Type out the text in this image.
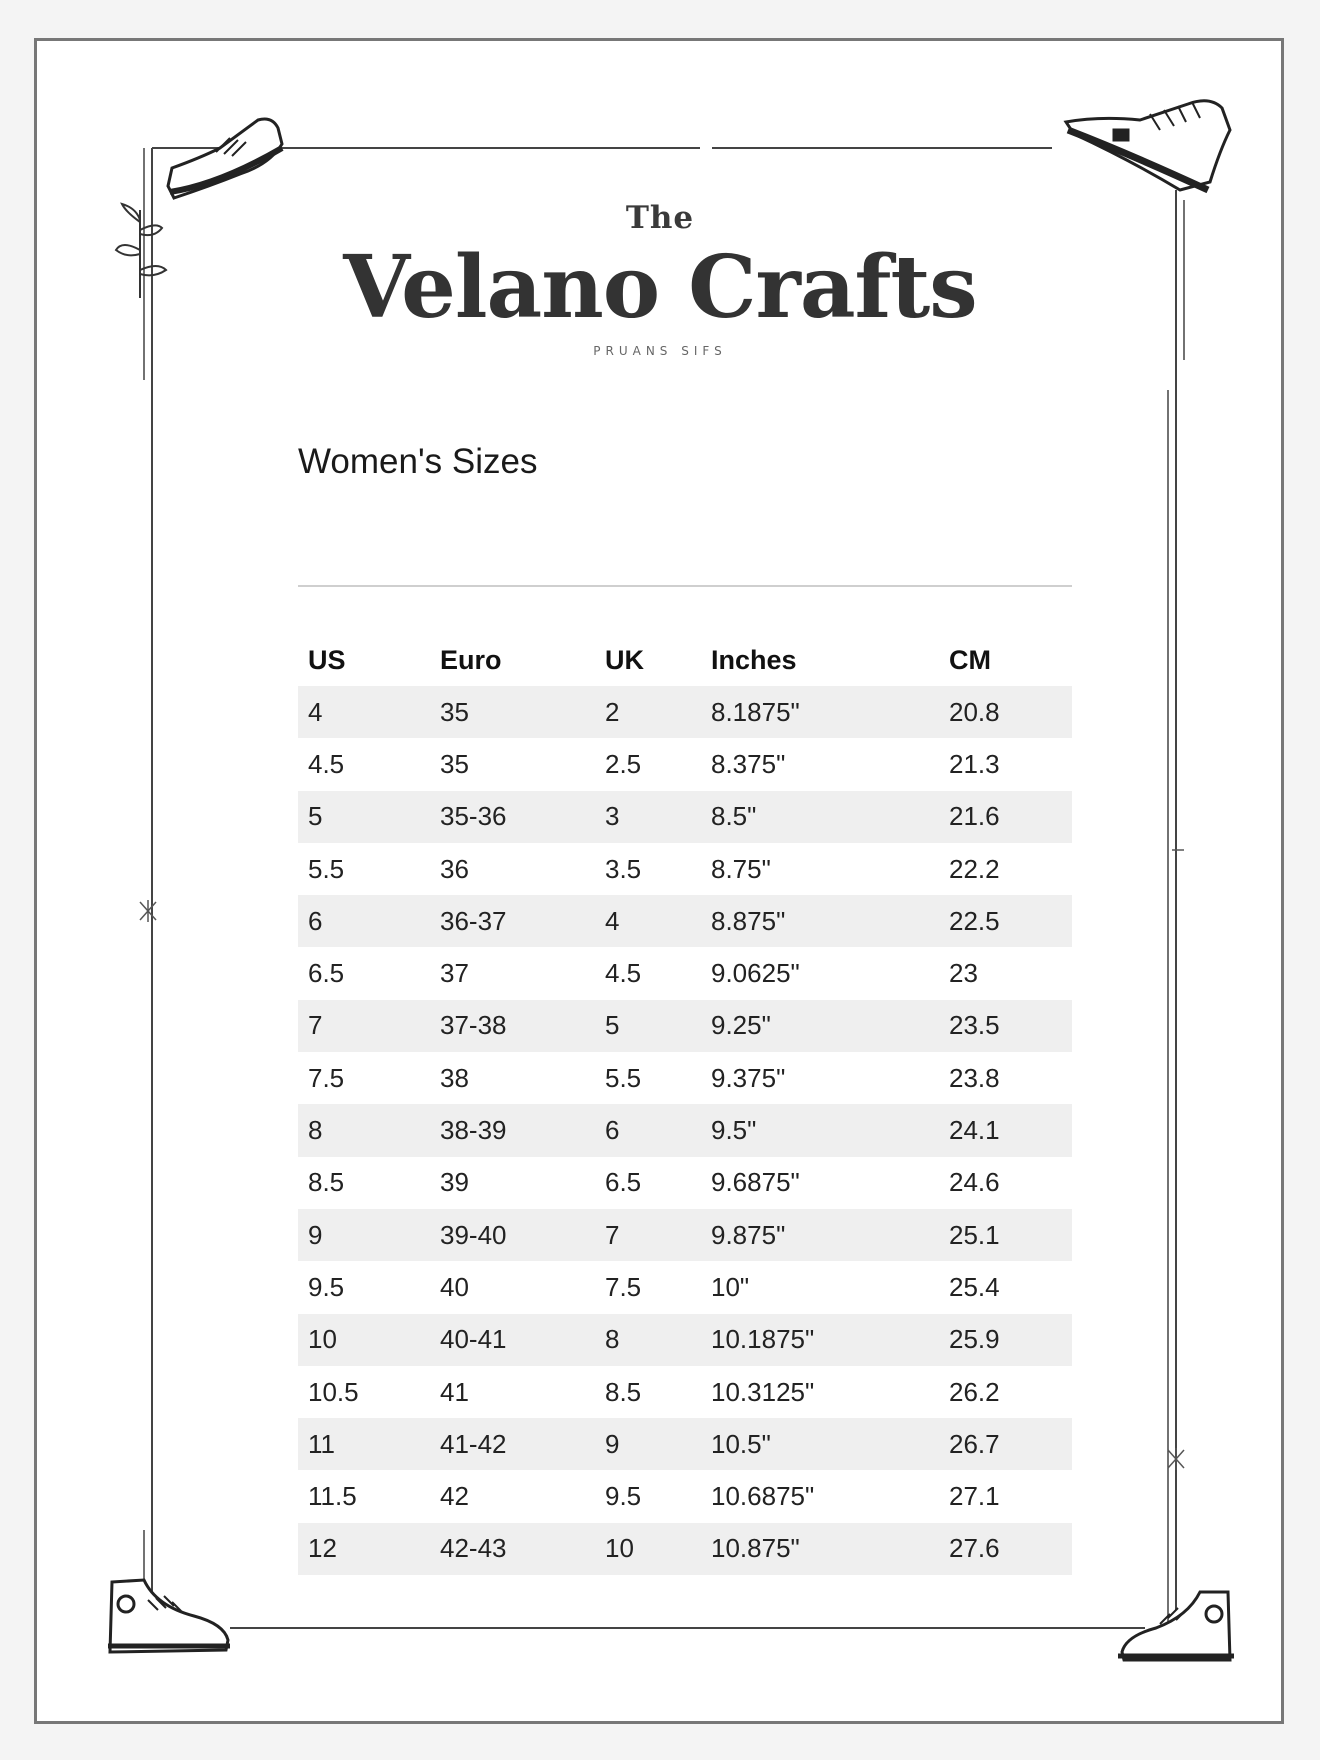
The
Velano Crafts
PRUANS SIFS
Women's Sizes
US	Euro	UK	Inches	CM
4	35	2	8.1875"	20.8
4.5	35	2.5	8.375"	21.3
5	35-36	3	8.5"	21.6
5.5	36	3.5	8.75"	22.2
6	36-37	4	8.875"	22.5
6.5	37	4.5	9.0625"	23
7	37-38	5	9.25"	23.5
7.5	38	5.5	9.375"	23.8
8	38-39	6	9.5"	24.1
8.5	39	6.5	9.6875"	24.6
9	39-40	7	9.875"	25.1
9.5	40	7.5	10"	25.4
10	40-41	8	10.1875"	25.9
10.5	41	8.5	10.3125"	26.2
11	41-42	9	10.5"	26.7
11.5	42	9.5	10.6875"	27.1
12	42-43	10	10.875"	27.6
